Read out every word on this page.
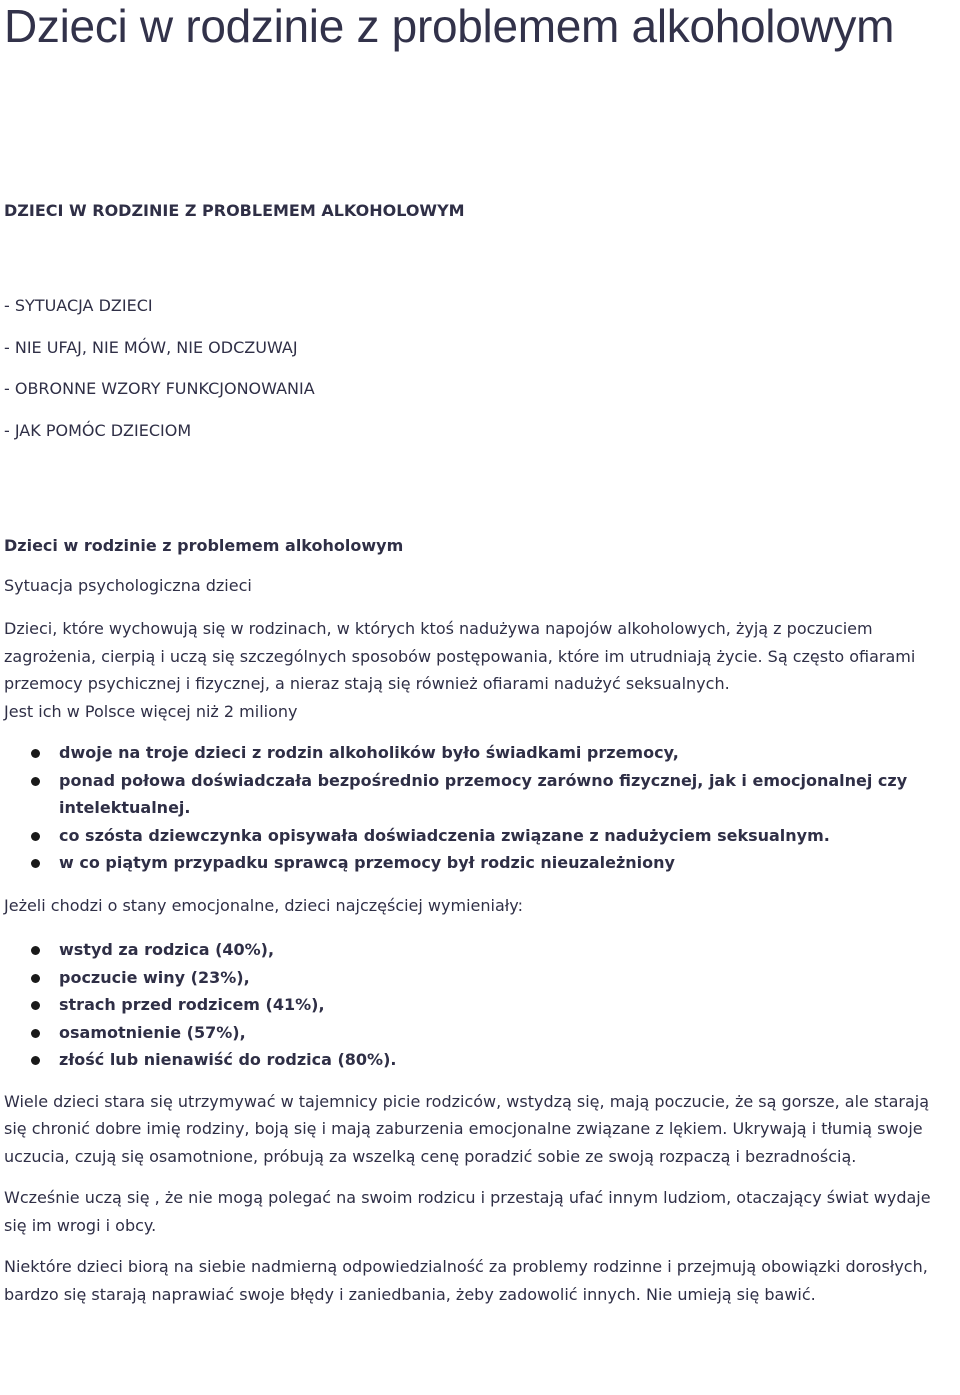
Dzieci w rodzinie z problemem alkoholowym

DZIECI W RODZINIE Z PROBLEMEM ALKOHOLOWYM

- SYTUACJA DZIECI
- NIE UFAJ, NIE MÓW, NIE ODCZUWAJ
- OBRONNE WZORY FUNKCJONOWANIA
- JAK POMÓC DZIECIOM

Dzieci w rodzinie z problemem alkoholowym

Sytuacja psychologiczna dzieci

Dzieci, które wychowują się w rodzinach, w których ktoś nadużywa napojów alkoholowych, żyją z poczuciem zagrożenia, cierpią i uczą się szczególnych sposobów postępowania, które im utrudniają życie. Są często ofiarami przemocy psychicznej i fizycznej, a nieraz stają się również ofiarami nadużyć seksualnych.

Jest ich w Polsce więcej niż 2 miliony

dwoje na troje dzieci z rodzin alkoholików było świadkami przemocy,
ponad połowa doświadczała bezpośrednio przemocy zarówno fizycznej, jak i emocjonalnej czy intelektualnej.
co szósta dziewczynka opisywała doświadczenia związane z nadużyciem seksualnym.
w co piątym przypadku sprawcą przemocy był rodzic nieuzależniony

Jeżeli chodzi o stany emocjonalne, dzieci najczęściej wymieniały:

wstyd za rodzica (40%),
poczucie winy (23%),
strach przed rodzicem (41%),
osamotnienie (57%),
złość lub nienawiść do rodzica (80%).

Wiele dzieci stara się utrzymywać w tajemnicy picie rodziców, wstydzą się, mają poczucie, że są gorsze, ale starają się chronić dobre imię rodziny, boją się i mają zaburzenia emocjonalne związane z lękiem. Ukrywają i tłumią swoje uczucia, czują się osamotnione, próbują za wszelką cenę poradzić sobie ze swoją rozpaczą i bezradnością.

Wcześnie uczą się , że nie mogą polegać na swoim rodzicu i przestają ufać innym ludziom, otaczający świat wydaje się im wrogi i obcy.

Niektóre dzieci biorą na siebie nadmierną odpowiedzialność za problemy rodzinne i przejmują obowiązki dorosłych, bardzo się starają naprawiać swoje błędy i zaniedbania, żeby zadowolić innych. Nie umieją się bawić.
